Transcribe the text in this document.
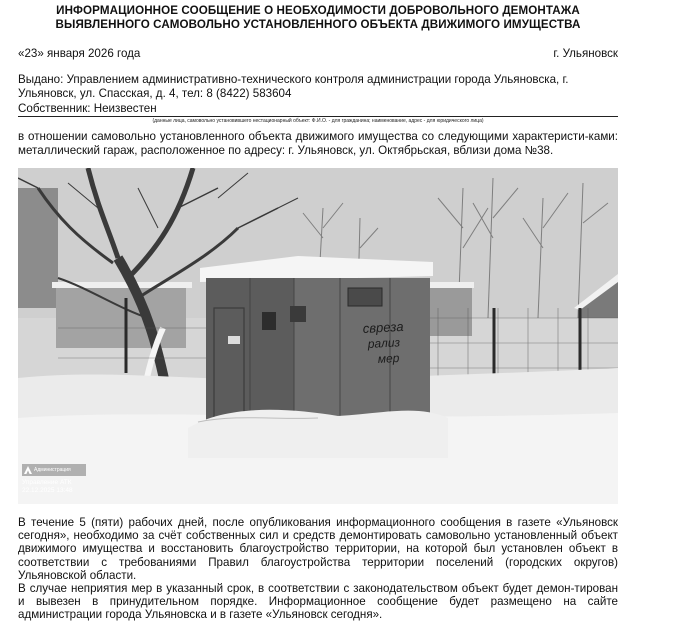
ИНФОРМАЦИОННОЕ СООБЩЕНИЕ О НЕОБХОДИМОСТИ ДОБРОВОЛЬНОГО ДЕМОНТАЖА
ВЫЯВЛЕННОГО САМОВОЛЬНО УСТАНОВЛЕННОГО ОБЪЕКТА ДВИЖИМОГО ИМУЩЕСТВА
«23» января 2026 года	г. Ульяновск
Выдано: Управлением административно-технического контроля администрации города Ульяновска, г. Ульяновск, ул. Спасская, д. 4, тел: 8 (8422) 583604
Собственник: Неизвестен
(данные лица, самовольно установившего нестационарный объект: Ф.И.О. - для гражданина; наименование, адрес - для юридического лица)
в отношении самовольно установленного объекта движимого имущества со следующими характеристи-ками: металлический гараж, расположенное по адресу: г. Ульяновск, ул. Октябрьская, вблизи дома №38.
свреза
рализ
мер
Администрация
Управление АТК
22.12.2025 13:48

В течение 5 (пяти) рабочих дней, после опубликования информационного сообщения в газете «Ульяновск сегодня», необходимо за счёт собственных сил и средств демонтировать самовольно установленный объект движимого имущества и восстановить благоустройство территории, на которой был установлен объект в соответствии с требованиями Правил благоустройства территории поселений (городских округов) Ульяновской области.

В случае неприятия мер в указанный срок, в соответствии с законодательством объект будет демон-тирован и вывезен в принудительном порядке. Информационное сообщение будет размещено на сайте администрации города Ульяновска и в газете «Ульяновск сегодня».
